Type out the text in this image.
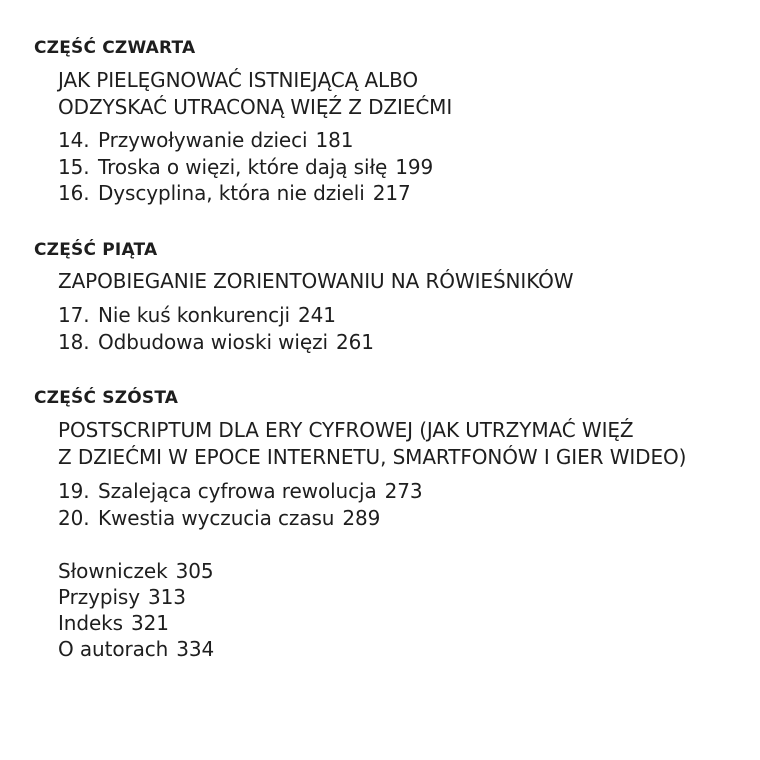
CZĘŚĆ CZWARTA
JAK PIELĘGNOWAĆ ISTNIEJĄCĄ ALBO
ODZYSKAĆ UTRACONĄ WIĘŹ Z DZIEĆMI
14. Przywoływanie dzieci 181
15. Troska o więzi, które dają siłę 199
16. Dyscyplina, która nie dzieli 217
CZĘŚĆ PIĄTA
ZAPOBIEGANIE ZORIENTOWANIU NA RÓWIEŚNIKÓW
17. Nie kuś konkurencji 241
18. Odbudowa wioski więzi 261
CZĘŚĆ SZÓSTA
POSTSCRIPTUM DLA ERY CYFROWEJ (JAK UTRZYMAĆ WIĘŹ
Z DZIEĆMI W EPOCE INTERNETU, SMARTFONÓW I GIER WIDEO)
19. Szalejąca cyfrowa rewolucja 273
20. Kwestia wyczucia czasu 289
Słowniczek 305
Przypisy 313
Indeks 321
O autorach 334
